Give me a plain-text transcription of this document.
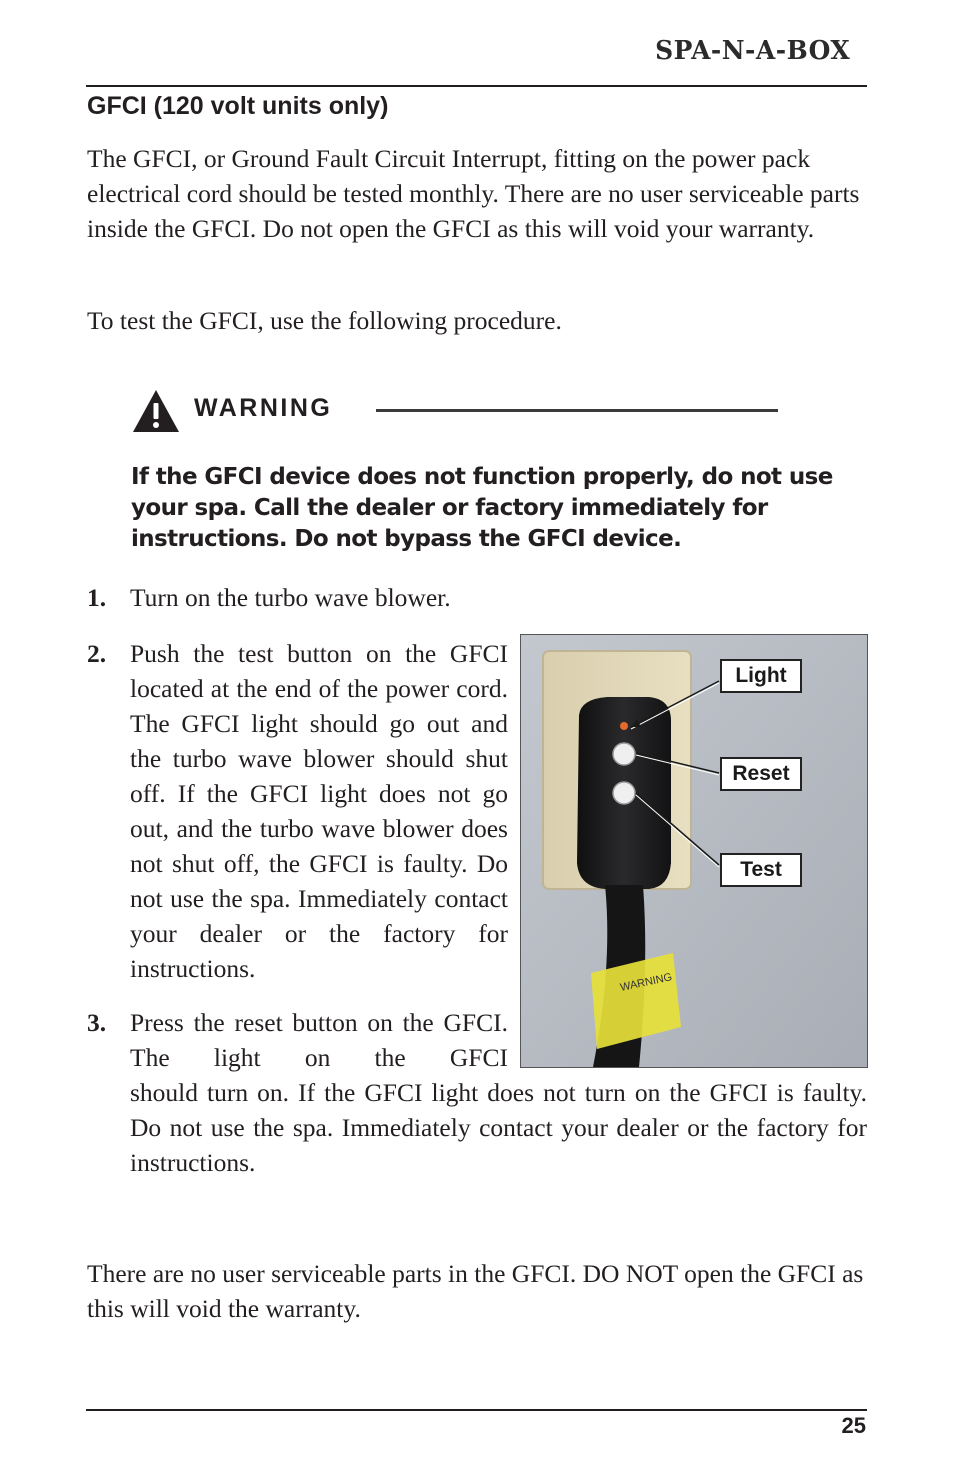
SPA-N-A-BOX
GFCI (120 volt units only)
The GFCI, or Ground Fault Circuit Interrupt, fitting on the power pack electrical cord should be tested monthly. There are no user serviceable parts inside the GFCI. Do not open the GFCI as this will void your warranty.
To test the GFCI, use the following procedure.
WARNING
If the GFCI device does not function properly, do not use your spa. Call the dealer or factory immediately for instructions. Do not bypass the GFCI device.
1. Turn on the turbo wave blower.
2. Push the test button on the GFCI located at the end of the power cord. The GFCI light should go out and the turbo wave blower should shut off. If the GFCI light does not go out, and the turbo wave blower does not shut off, the GFCI is faulty. Do not use the spa. Immediately contact your dealer or the factory for instructions.
3. Press the reset button on the GFCI. The light on the GFCI
should turn on. If the GFCI light does not turn on the GFCI is faulty. Do not use the spa. Immediately contact your dealer or the factory for instructions.
WARNING
Light
Reset
Test
There are no user serviceable parts in the GFCI. DO NOT open the GFCI as this will void the warranty.
25
